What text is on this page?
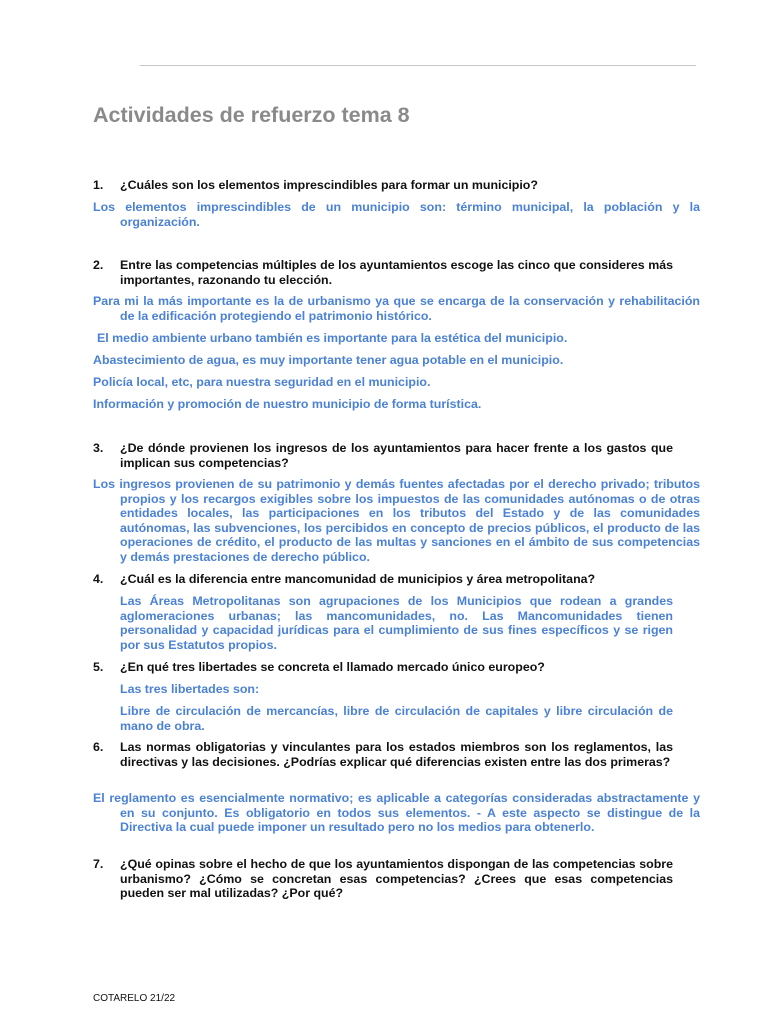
Actividades de refuerzo tema 8
1. ¿Cuáles son los elementos imprescindibles para formar un municipio?

Los elementos imprescindibles de un municipio son: término municipal, la población y la organización.

2. Entre las competencias múltiples de los ayuntamientos escoge las cinco que consideres más importantes, razonando tu elección.

Para mi la más importante es la de urbanismo ya que se encarga de la conservación y rehabilitación de la edificación protegiendo el patrimonio histórico.

El medio ambiente urbano también es importante para la estética del municipio.

Abastecimiento de agua, es muy importante tener agua potable en el municipio.

Policía local, etc, para nuestra seguridad en el municipio.

Información y promoción de nuestro municipio de forma turística.

3. ¿De dónde provienen los ingresos de los ayuntamientos para hacer frente a los gastos que implican sus competencias?

Los ingresos provienen de su patrimonio y demás fuentes afectadas por el derecho privado; tributos propios y los recargos exigibles sobre los impuestos de las comunidades autónomas o de otras entidades locales, las participaciones en los tributos del Estado y de las comunidades autónomas, las subvenciones, los percibidos en concepto de precios públicos, el producto de las operaciones de crédito, el producto de las multas y sanciones en el ámbito de sus competencias y demás prestaciones de derecho público.

4. ¿Cuál es la diferencia entre mancomunidad de municipios y área metropolitana?

Las Áreas Metropolitanas son agrupaciones de los Municipios que rodean a grandes aglomeraciones urbanas; las mancomunidades, no. Las Mancomunidades tienen personalidad y capacidad jurídicas para el cumplimiento de sus fines específicos y se rigen por sus Estatutos propios.

5. ¿En qué tres libertades se concreta el llamado mercado único europeo?

Las tres libertades son:

Libre de circulación de mercancías, libre de circulación de capitales y libre circulación de mano de obra.

6. Las normas obligatorias y vinculantes para los estados miembros son los reglamentos, las directivas y las decisiones. ¿Podrías explicar qué diferencias existen entre las dos primeras?

El reglamento es esencialmente normativo; es aplicable a categorías consideradas abstractamente y en su conjunto. Es obligatorio en todos sus elementos. - A este aspecto se distingue de la Directiva la cual puede imponer un resultado pero no los medios para obtenerlo.

7. ¿Qué opinas sobre el hecho de que los ayuntamientos dispongan de las competencias sobre urbanismo? ¿Cómo se concretan esas competencias? ¿Crees que esas competencias pueden ser mal utilizadas? ¿Por qué?
COTARELO 21/22
